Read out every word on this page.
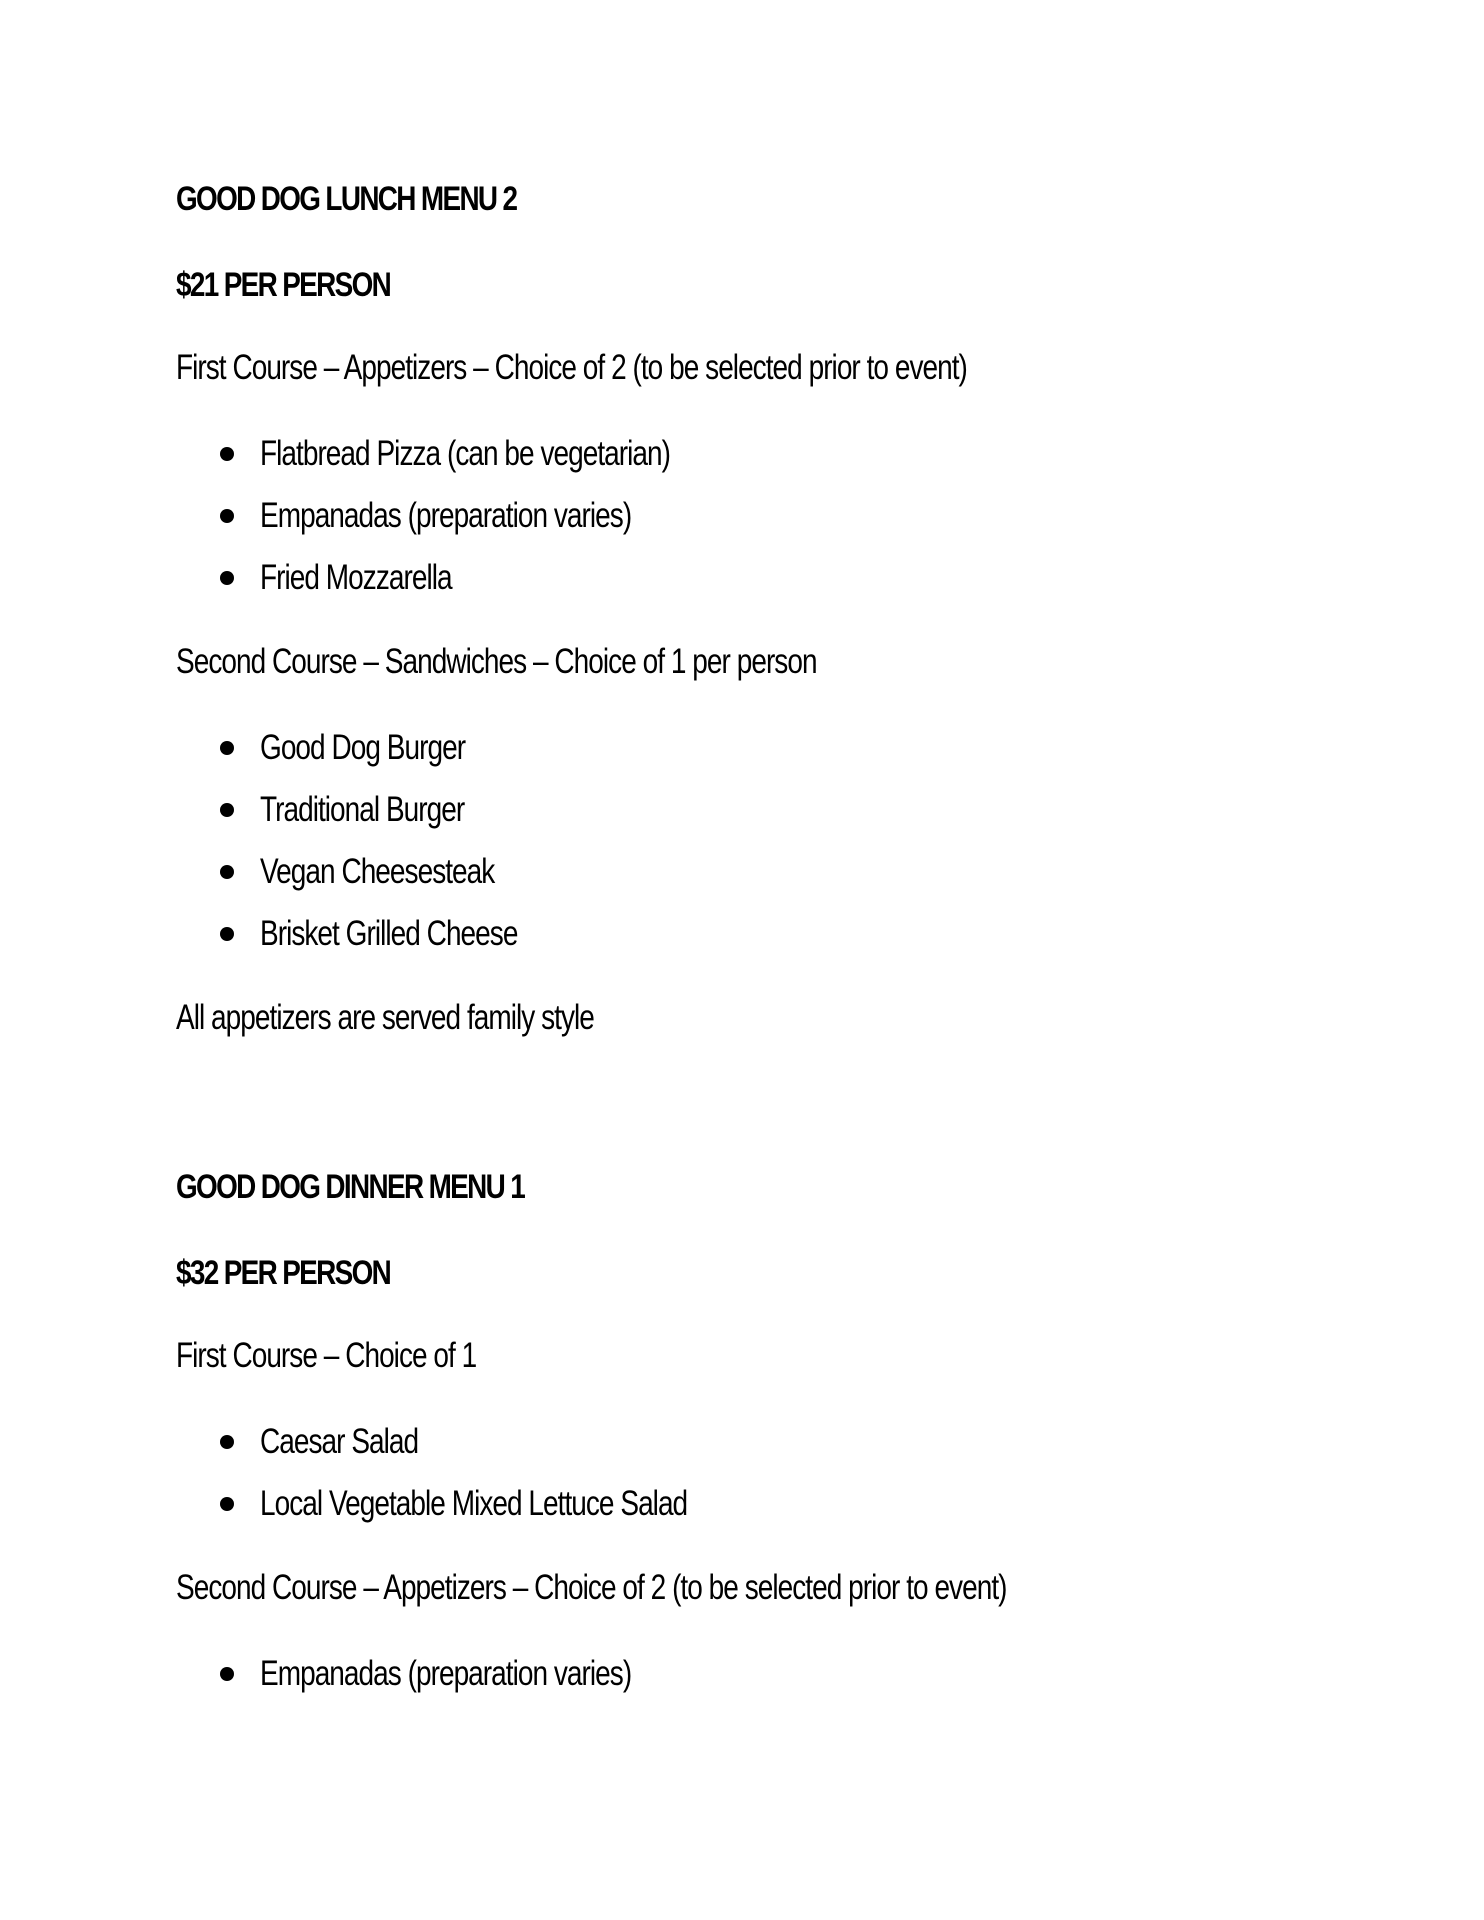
GOOD DOG LUNCH MENU 2
$21 PER PERSON
First Course – Appetizers – Choice of 2 (to be selected prior to event)
Flatbread Pizza (can be vegetarian)
Empanadas (preparation varies)
Fried Mozzarella
Second Course – Sandwiches – Choice of 1 per person
Good Dog Burger
Traditional Burger
Vegan Cheesesteak
Brisket Grilled Cheese
All appetizers are served family style
GOOD DOG DINNER MENU 1
$32 PER PERSON
First Course – Choice of 1
Caesar Salad
Local Vegetable Mixed Lettuce Salad
Second Course – Appetizers – Choice of 2 (to be selected prior to event)
Empanadas (preparation varies)
